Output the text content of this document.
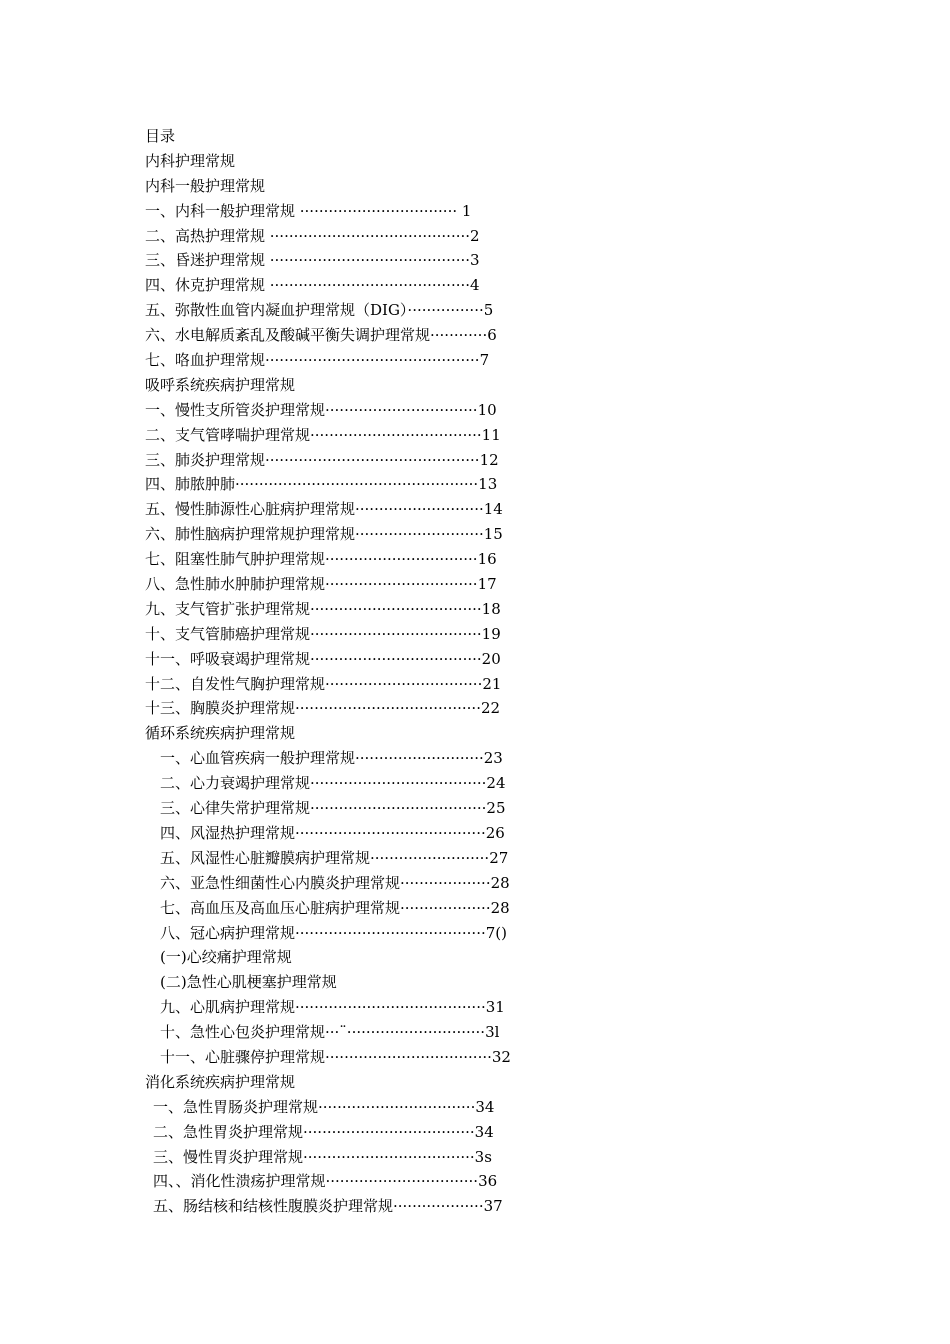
目录
内科护理常规
内科一般护理常规
一、内科一般护理常规 ································· 1
二、高热护理常规 ··········································2
三、昏迷护理常规 ··········································3
四、休克护理常规 ··········································4
五、弥散性血管内凝血护理常规（DIG）················5
六、水电解质紊乱及酸碱平衡失调护理常规············6
七、咯血护理常规·············································7
吸呼系统疾病护理常规
一、慢性支所管炎护理常规································10
二、支气管哮喘护理常规····································11
三、肺炎护理常规·············································12
四、肺脓肿肺···················································13
五、慢性肺源性心脏病护理常规···························14
六、肺性脑病护理常规护理常规···························15
七、阻塞性肺气肿护理常规································16
八、急性肺水肿肺护理常规································17
九、支气管扩张护理常规····································18
十、支气管肺癌护理常规····································19
十一、呼吸衰竭护理常规····································20
十二、自发性气胸护理常规·································21
十三、胸膜炎护理常规·······································22
循环系统疾病护理常规
一、心血管疾病一般护理常规···························23
二、心力衰竭护理常规·····································24
三、心律失常护理常规·····································25
四、风湿热护理常规········································26
五、风湿性心脏瓣膜病护理常规·························27
六、亚急性细菌性心内膜炎护理常规···················28
七、高血压及高血压心脏病护理常规···················28
八、冠心病护理常规········································7()
(一)心绞痛护理常规
(二)急性心肌梗塞护理常规
九、心肌病护理常规········································31
十、急性心包炎护理常规···¨·····························3l
十一、心脏骤停护理常规···································32
消化系统疾病护理常规
一、急性胃肠炎护理常规·································34
二、急性胃炎护理常规····································34
三、慢性胃炎护理常规····································3s
四、、消化性溃疡护理常规································36
五、肠结核和结核性腹膜炎护理常规···················37
